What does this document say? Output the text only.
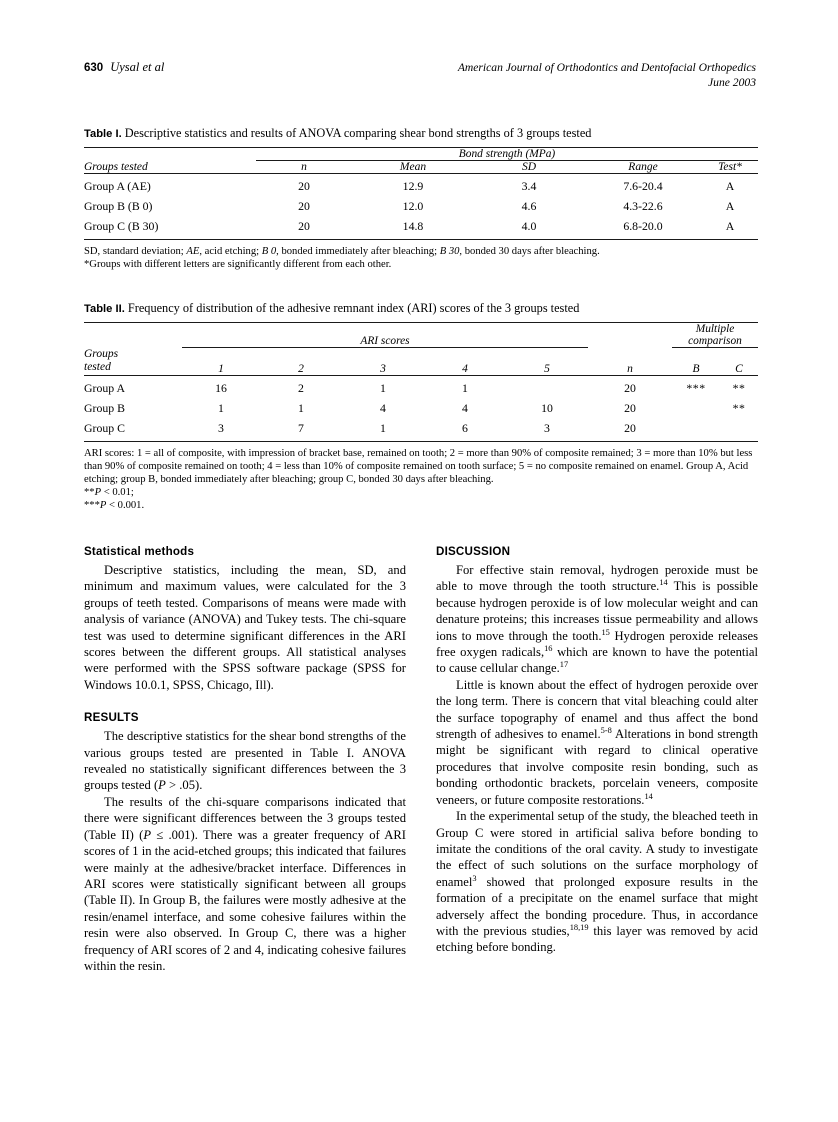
630 Uysal et al	American Journal of Orthodontics and Dentofacial Orthopedics
June 2003
Table I. Descriptive statistics and results of ANOVA comparing shear bond strengths of 3 groups tested

	Bond strength (MPa)				

Groups tested	n	Mean	SD	Range	Test*

Group A (AE)	20	12.9	3.4	7.6-20.4	A
Group B (B 0)	20	12.0	4.6	4.3-22.6	A
Group C (B 30)	20	14.8	4.0	6.8-20.0	A

SD, standard deviation; AE, acid etching; B 0, bonded immediately after bleaching; B 30, bonded 30 days after bleaching.

*Groups with different letters are significantly different from each other.

Table II. Frequency of distribution of the adhesive remnant index (ARI) scores of the 3 groups tested

	ARI scores						Multiple comparison	

Groups
tested	1	2	3	4	5	n	B	C

Group A	16	2	1	1		20	***	**
Group B	1	1	4	4	10	20		**
Group C	3	7	1	6	3	20		

ARI scores: 1 = all of composite, with impression of bracket base, remained on tooth; 2 = more than 90% of composite remained; 3 = more than 10% but less than 90% of composite remained on tooth; 4 = less than 10% of composite remained on tooth surface; 5 = no composite remained on enamel. Group A, Acid etching; group B, bonded immediately after bleaching; group C, bonded 30 days after bleaching.

**P < 0.01;

***P < 0.001.

Statistical methods

Descriptive statistics, including the mean, SD, and minimum and maximum values, were calculated for the 3 groups of teeth tested. Comparisons of means were made with analysis of variance (ANOVA) and Tukey tests. The chi-square test was used to determine significant differences in the ARI scores between the different groups. All statistical analyses were performed with the SPSS software package (SPSS for Windows 10.0.1, SPSS, Chicago, Ill).

RESULTS

The descriptive statistics for the shear bond strengths of the various groups tested are presented in Table I. ANOVA revealed no statistically significant differences between the 3 groups tested (P > .05).

The results of the chi-square comparisons indicated that there were significant differences between the 3 groups tested (Table II) (P ≤ .001). There was a greater frequency of ARI scores of 1 in the acid-etched groups; this indicated that failures were mainly at the adhesive/bracket interface. Differences in ARI scores were statistically significant between all groups (Table II). In Group B, the failures were mostly adhesive at the resin/enamel interface, and some cohesive failures within the resin were also observed. In Group C, there was a higher frequency of ARI scores of 2 and 4, indicating cohesive failures within the resin.

DISCUSSION

For effective stain removal, hydrogen peroxide must be able to move through the tooth structure.$^{14}$ This is possible because hydrogen peroxide is of low molecular weight and can denature proteins; this increases tissue permeability and allows ions to move through the tooth.$^{15}$ Hydrogen peroxide releases free oxygen radicals,$^{16}$ which are known to have the potential to cause cellular change.$^{17}$

Little is known about the effect of hydrogen peroxide over the long term. There is concern that vital bleaching could alter the surface topography of enamel and thus affect the bond strength of adhesives to enamel.$^{5-8}$ Alterations in bond strength might be significant with regard to clinical operative procedures that involve composite resin bonding, such as bonding orthodontic brackets, porcelain veneers, composite veneers, or future composite restorations.$^{14}$

In the experimental setup of the study, the bleached teeth in Group C were stored in artificial saliva before bonding to imitate the conditions of the oral cavity. A study to investigate the effect of such solutions on the surface morphology of enamel$^3$ showed that prolonged exposure results in the formation of a precipitate on the enamel surface that might adversely affect the bonding procedure. Thus, in accordance with the previous studies,$^{18,19}$ this layer was removed by acid etching before bonding.
